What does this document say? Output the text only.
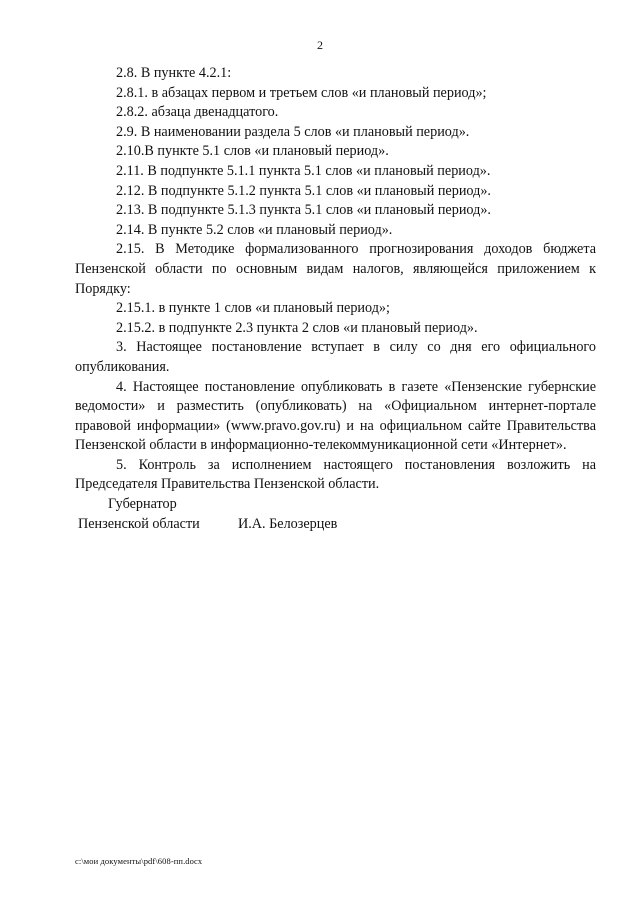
2

2.8. В пункте 4.2.1:

2.8.1. в абзацах первом и третьем слов «и плановый период»;

2.8.2. абзаца двенадцатого.

2.9. В наименовании раздела 5 слов «и плановый период».

2.10.В пункте 5.1 слов «и плановый период».

2.11. В подпункте 5.1.1 пункта 5.1 слов «и плановый период».

2.12. В подпункте 5.1.2 пункта 5.1 слов «и плановый период».

2.13. В подпункте 5.1.3 пункта 5.1 слов «и плановый период».

2.14. В пункте 5.2 слов «и плановый период».

2.15. В Методике формализованного прогнозирования доходов бюджета Пензенской области по основным видам налогов, являющейся приложением к Порядку:

2.15.1. в пункте 1 слов «и плановый период»;

2.15.2. в подпункте 2.3 пункта 2 слов «и плановый период».

3. Настоящее постановление вступает в силу со дня его официального опубликования.

4. Настоящее постановление опубликовать в газете «Пензенские губернские ведомости» и разместить (опубликовать) на «Официальном интернет-портале правовой информации» (www.pravo.gov.ru) и на официальном сайте Правительства Пензенской области в информационно-телекоммуникационной сети «Интернет».

5. Контроль за исполнением настоящего постановления возложить на Председателя Правительства Пензенской области.

Губернатор
Пензенской области	И.А. Белозерцев
c:\мои документы\pdf\608-пп.docx
